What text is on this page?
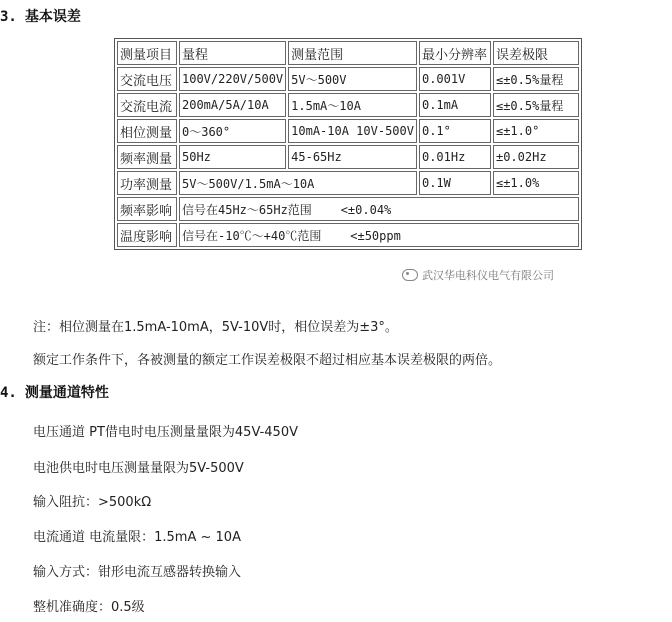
3. 基本误差
测量项目	量程	测量范围	最小分辨率	误差极限
交流电压	100V/220V/500V	5V～500V	0.001V	≤±0.5%量程
交流电流	200mA/5A/10A	1.5mA～10A	0.1mA	≤±0.5%量程
相位测量	0～360°	10mA-10A 10V-500V	0.1°	≤±1.0°
频率测量	50Hz	45-65Hz	0.01Hz	±0.02Hz
功率测量	5V～500V/1.5mA～10A		0.1W	≤±1.0%
频率影响	信号在45Hz～65Hz范围    <±0.04%			
温度影响	信号在-10℃～+40℃范围    <±50ppm			
武汉华电科仪电气有限公司
注：相位测量在1.5mA-10mA，5V-10V时，相位误差为±3°。
额定工作条件下，各被测量的额定工作误差极限不超过相应基本误差极限的两倍。
4. 测量通道特性
电压通道 PT借电时电压测量量限为45V-450V
电池供电时电压测量量限为5V-500V
输入阻抗：>500kΩ
电流通道 电流量限：1.5mA ~ 10A
输入方式：钳形电流互感器转换输入
整机准确度：0.5级
